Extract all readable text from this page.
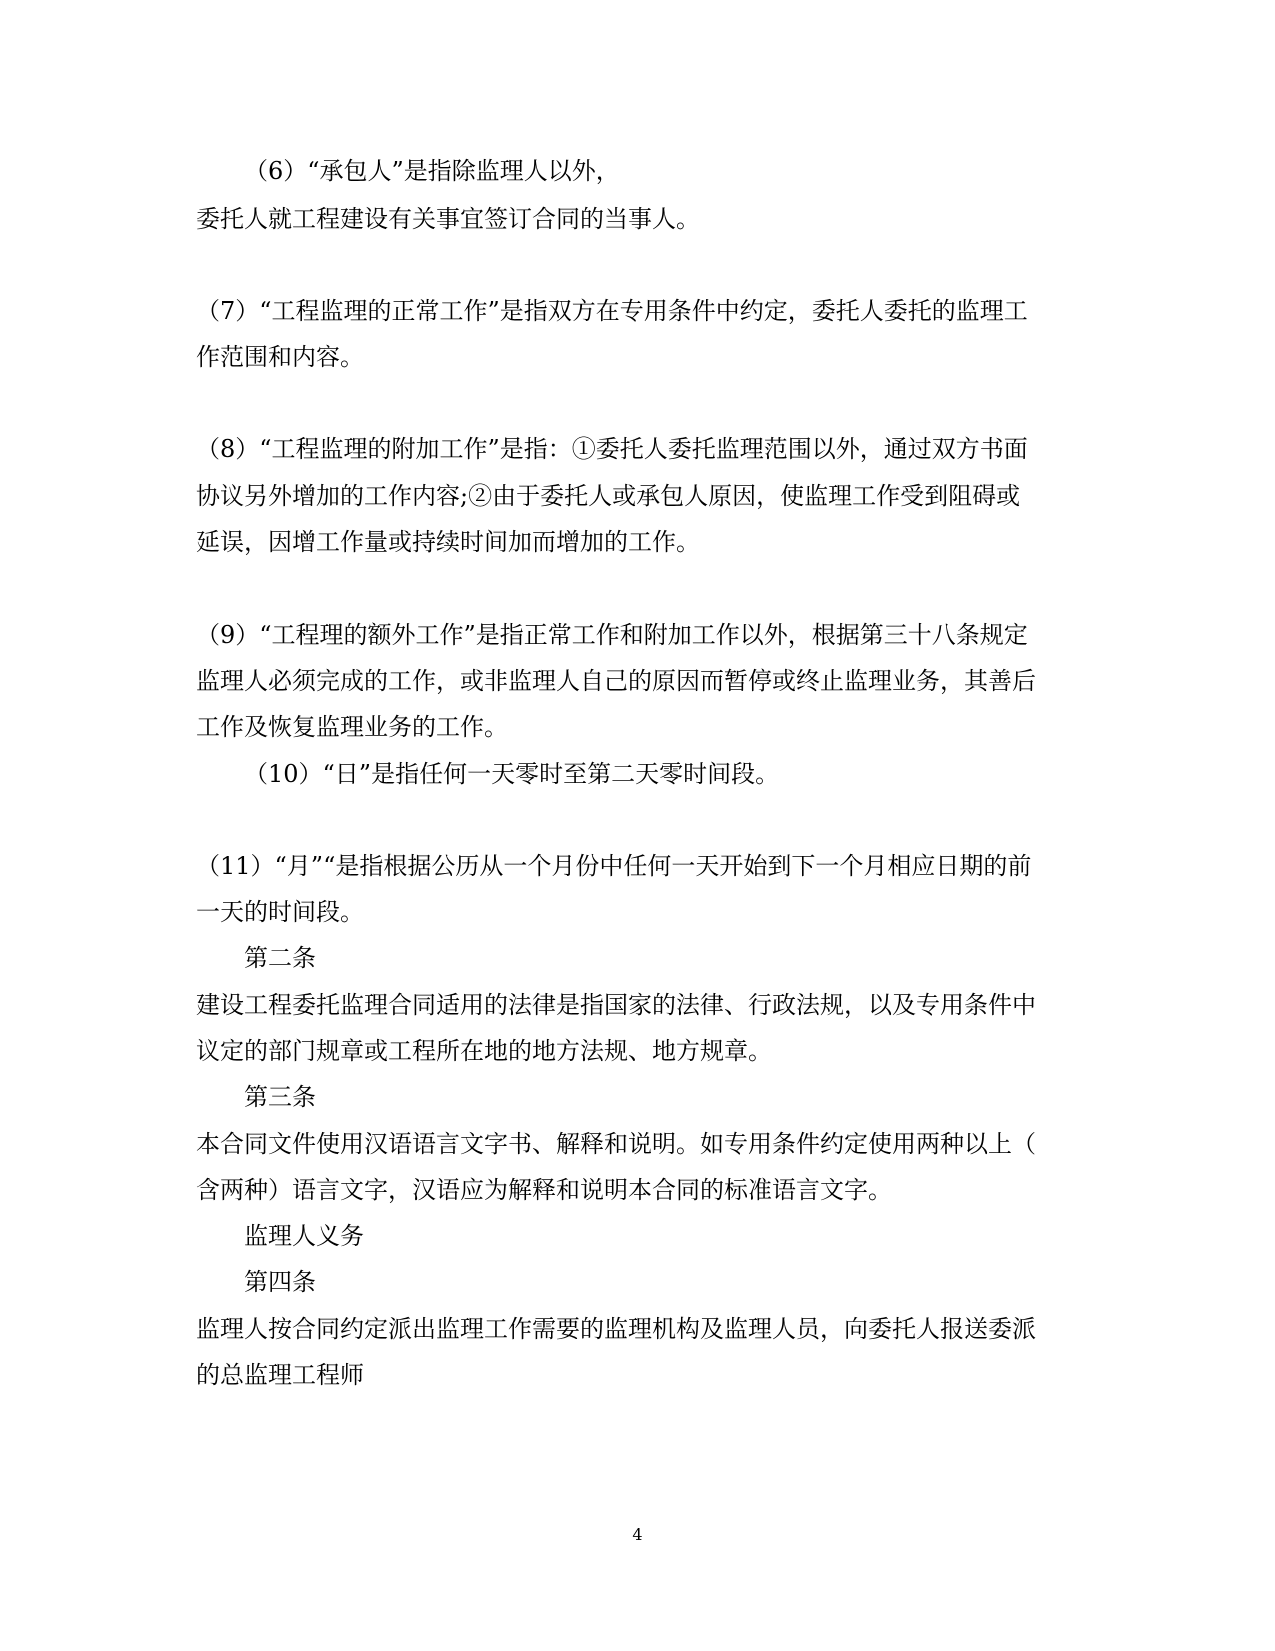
（6）“承包人”是指除监理人以外，
委托人就工程建设有关事宜签订合同的当事人。
（7）“工程监理的正常工作”是指双方在专用条件中约定，委托人委托的监理工
作范围和内容。
（8）“工程监理的附加工作”是指：①委托人委托监理范围以外，通过双方书面
协议另外增加的工作内容;②由于委托人或承包人原因，使监理工作受到阻碍或
延误，因增工作量或持续时间加而增加的工作。
（9）“工程理的额外工作”是指正常工作和附加工作以外，根据第三十八条规定
监理人必须完成的工作，或非监理人自己的原因而暂停或终止监理业务，其善后
工作及恢复监理业务的工作。
（10）“日”是指任何一天零时至第二天零时间段。
（11）“月”“是指根据公历从一个月份中任何一天开始到下一个月相应日期的前
一天的时间段。
第二条
建设工程委托监理合同适用的法律是指国家的法律、行政法规，以及专用条件中
议定的部门规章或工程所在地的地方法规、地方规章。
第三条
本合同文件使用汉语语言文字书、解释和说明。如专用条件约定使用两种以上（
含两种）语言文字，汉语应为解释和说明本合同的标准语言文字。
监理人义务
第四条
监理人按合同约定派出监理工作需要的监理机构及监理人员，向委托人报送委派
的总监理工程师
4
